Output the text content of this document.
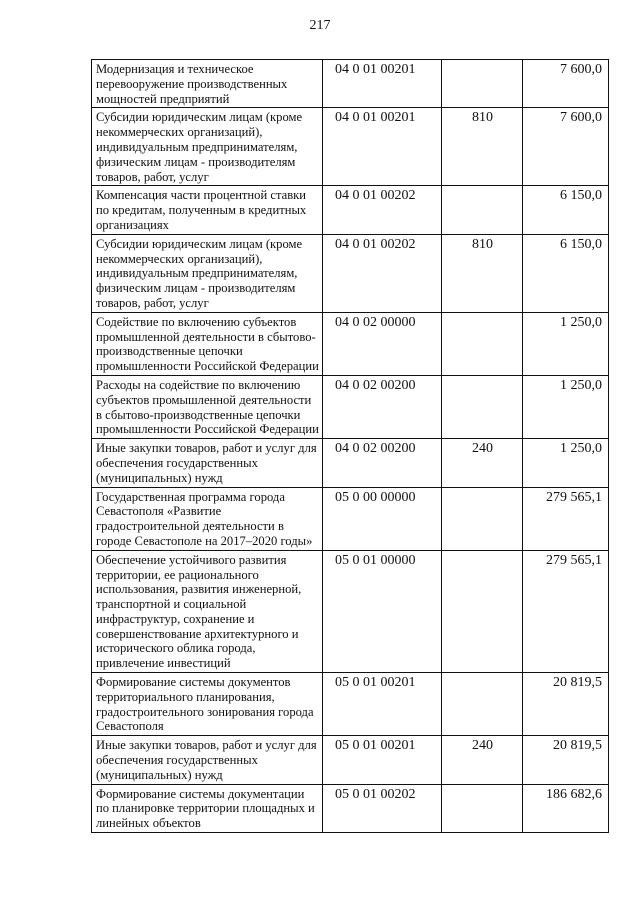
217
Модернизация и техническое перевооружение производственных мощностей предприятий	04 0 01 00201		7 600,0
Субсидии юридическим лицам (кроме некоммерческих организаций), индивидуальным предпринимателям, физическим лицам - производителям товаров, работ, услуг	04 0 01 00201	810	7 600,0
Компенсация части процентной ставки по кредитам, полученным в кредитных организациях	04 0 01 00202		6 150,0
Субсидии юридическим лицам (кроме некоммерческих организаций), индивидуальным предпринимателям, физическим лицам - производителям товаров, работ, услуг	04 0 01 00202	810	6 150,0
Содействие по включению субъектов промышленной деятельности в сбытово-производственные цепочки промышленности Российской Федерации	04 0 02 00000		1 250,0
Расходы на содействие по включению субъектов промышленной деятельности в сбытово-производственные цепочки промышленности Российской Федерации	04 0 02 00200		1 250,0
Иные закупки товаров, работ и услуг для обеспечения государственных (муниципальных) нужд	04 0 02 00200	240	1 250,0
Государственная программа города Севастополя «Развитие градостроительной деятельности в городе Севастополе на 2017–2020 годы»	05 0 00 00000		279 565,1
Обеспечение устойчивого развития территории, ее рационального использования, развития инженерной, транспортной и социальной инфраструктур, сохранение и совершенствование архитектурного и исторического облика города, привлечение инвестиций	05 0 01 00000		279 565,1
Формирование системы документов территориального планирования, градостроительного зонирования города Севастополя	05 0 01 00201		20 819,5
Иные закупки товаров, работ и услуг для обеспечения государственных (муниципальных) нужд	05 0 01 00201	240	20 819,5
Формирование системы документации по планировке территории площадных и линейных объектов	05 0 01 00202		186 682,6
